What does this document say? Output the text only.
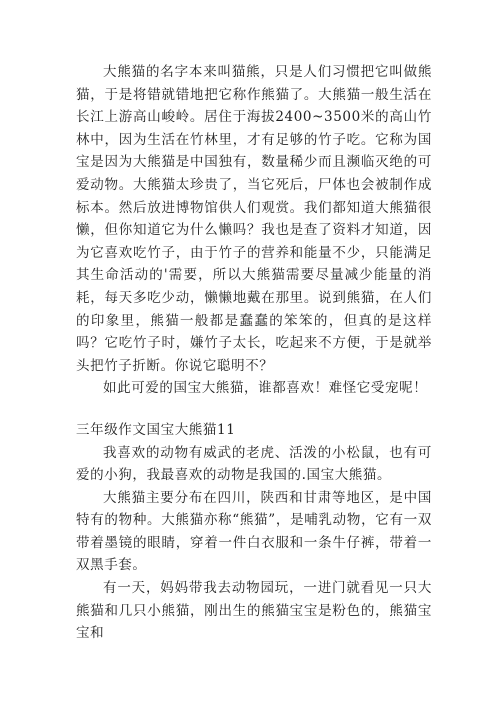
大熊猫的名字本来叫猫熊，只是人们习惯把它叫做熊猫，于是将错就错地把它称作熊猫了。大熊猫一般生活在长江上游高山峻岭。居住于海拔2400~3500米的高山竹林中，因为生活在竹林里，才有足够的竹子吃。它称为国宝是因为大熊猫是中国独有，数量稀少而且濒临灭绝的可爱动物。大熊猫太珍贵了，当它死后，尸体也会被制作成标本。然后放进博物馆供人们观赏。我们都知道大熊猫很懒，但你知道它为什么懒吗？我也是查了资料才知道，因为它喜欢吃竹子，由于竹子的营养和能量不少，只能满足其生命活动的'需要，所以大熊猫需要尽量减少能量的消耗，每天多吃少动，懒懒地戴在那里。说到熊猫，在人们的印象里，熊猫一般都是蠢蠢的笨笨的，但真的是这样吗？它吃竹子时，嫌竹子太长，吃起来不方便，于是就举头把竹子折断。你说它聪明不？

如此可爱的国宝大熊猫，谁都喜欢！难怪它受宠呢！

三年级作文国宝大熊猫11

我喜欢的动物有威武的老虎、活泼的小松鼠，也有可爱的小狗，我最喜欢的动物是我国的.国宝大熊猫。

大熊猫主要分布在四川，陕西和甘肃等地区，是中国特有的物种。大熊猫亦称“熊猫”，是哺乳动物，它有一双带着墨镜的眼睛，穿着一件白衣服和一条牛仔裤，带着一双黑手套。

有一天，妈妈带我去动物园玩，一进门就看见一只大熊猫和几只小熊猫，刚出生的熊猫宝宝是粉色的，熊猫宝宝和
